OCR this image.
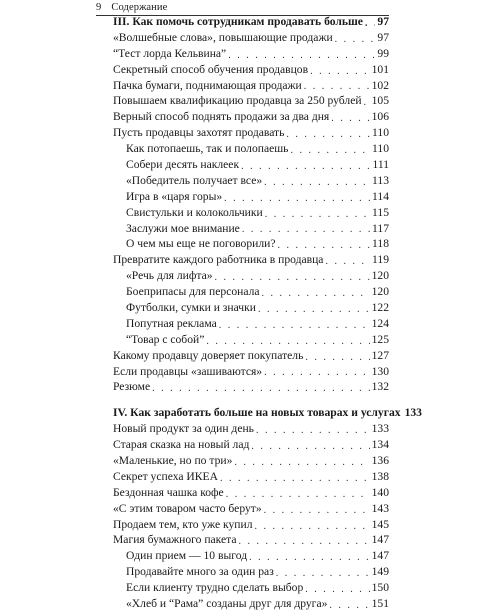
9 Содержание
III. Как помочь сотрудникам продавать больше . . . 97
«Волшебные слова», повышающие продажи . . .	97
“Тест лорда Кельвина” . . .	99
Секретный способ обучения продавцов . . .	101
Пачка бумаги, поднимающая продажи . . .	102
Повышаем квалификацию продавца за 250 рублей . . . 105
Верный способ поднять продажи за два дня . . .	106
Пусть продавцы захотят продавать . . .	110
Как потопаешь, так и полопаешь . . .	110
Собери десять наклеек . . .	111
«Победитель получает все» . . .	113
Игра в «царя горы» . . .	114
Свистульки и колокольчики . . .	115
Заслужи мое внимание . . .	117
О чем мы еще не поговорили? . . .	118
Превратите каждого работника в продавца . . .	119
«Речь для лифта» . . .	120
Боеприпасы для персонала . . .	120
Футболки, сумки и значки . . .	122
Попутная реклама . . .	124
“Товар с собой” . . .	125
Какому продавцу доверяет покупатель . . .	127
Если продавцы «зашиваются» . . .	130
Резюме . . .	132
IV. Как заработать больше на новых товарах и услугах 133
Новый продукт за один день . . .	133
Старая сказка на новый лад . . .	134
«Маленькие, но по три» . . .	136
Секрет успеха ИКЕА . . .	138
Бездонная чашка кофе . . .	140
«С этим товаром часто берут» . . .	143
Продаем тем, кто уже купил . . .	145
Магия бумажного пакета . . .	147
Один прием — 10 выгод . . .	147
Продавайте много за один раз . . .	149
Если клиенту трудно сделать выбор . . .	150
«Хлеб и “Рама” созданы друг для друга» . . .	151
